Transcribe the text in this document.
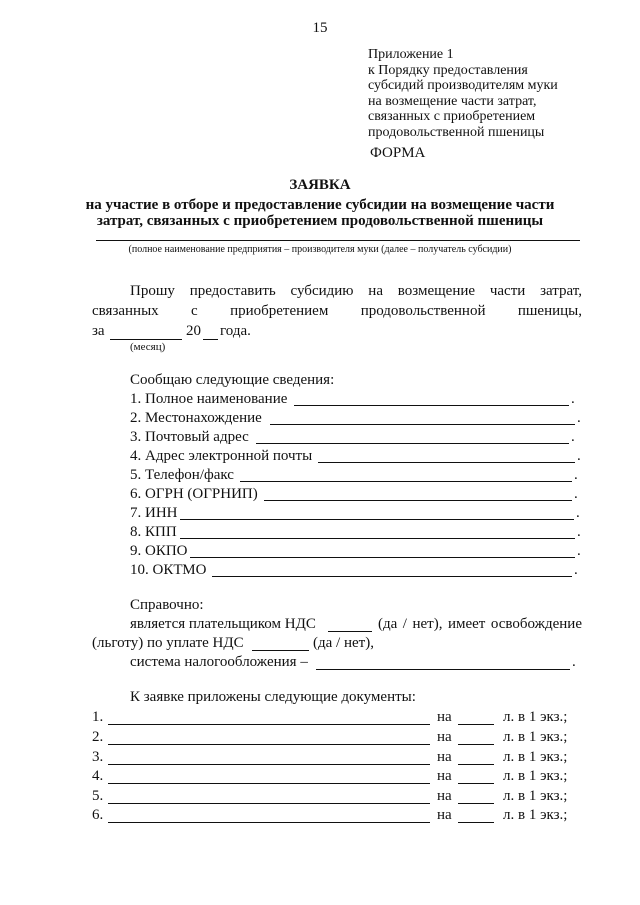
15
Приложение 1
к Порядку предоставления
субсидий производителям муки
на возмещение части затрат,
связанных с приобретением
продовольственной пшеницы
ФОРМА
ЗАЯВКА
на участие в отборе и предоставление субсидии на возмещение части
затрат, связанных с приобретением продовольственной пшеницы
(полное наименование предприятия – производителя муки (далее – получатель субсидии)
Прошу предоставить субсидию на возмещение части затрат,
связанных с приобретением продовольственной пшеницы,
за	20 года.
(месяц)
Сообщаю следующие сведения:
1. Полное наименование	.
2. Местонахождение	.
3. Почтовый адрес	.
4. Адрес электронной почты	.
5. Телефон/факс	.
6. ОГРН (ОГРНИП)	.
7. ИНН	.
8. КПП	.
9. ОКПО	.
10. ОКТМО	.
Справочно:
является плательщиком НДС	(да / нет), имеет освобождение
(льготу) по уплате НДС	(да / нет),
система налогообложения –	.
К заявке приложены следующие документы:
1.	на	л. в 1 экз.;
2.	на	л. в 1 экз.;
3.	на	л. в 1 экз.;
4.	на	л. в 1 экз.;
5.	на	л. в 1 экз.;
6.	на	л. в 1 экз.;
